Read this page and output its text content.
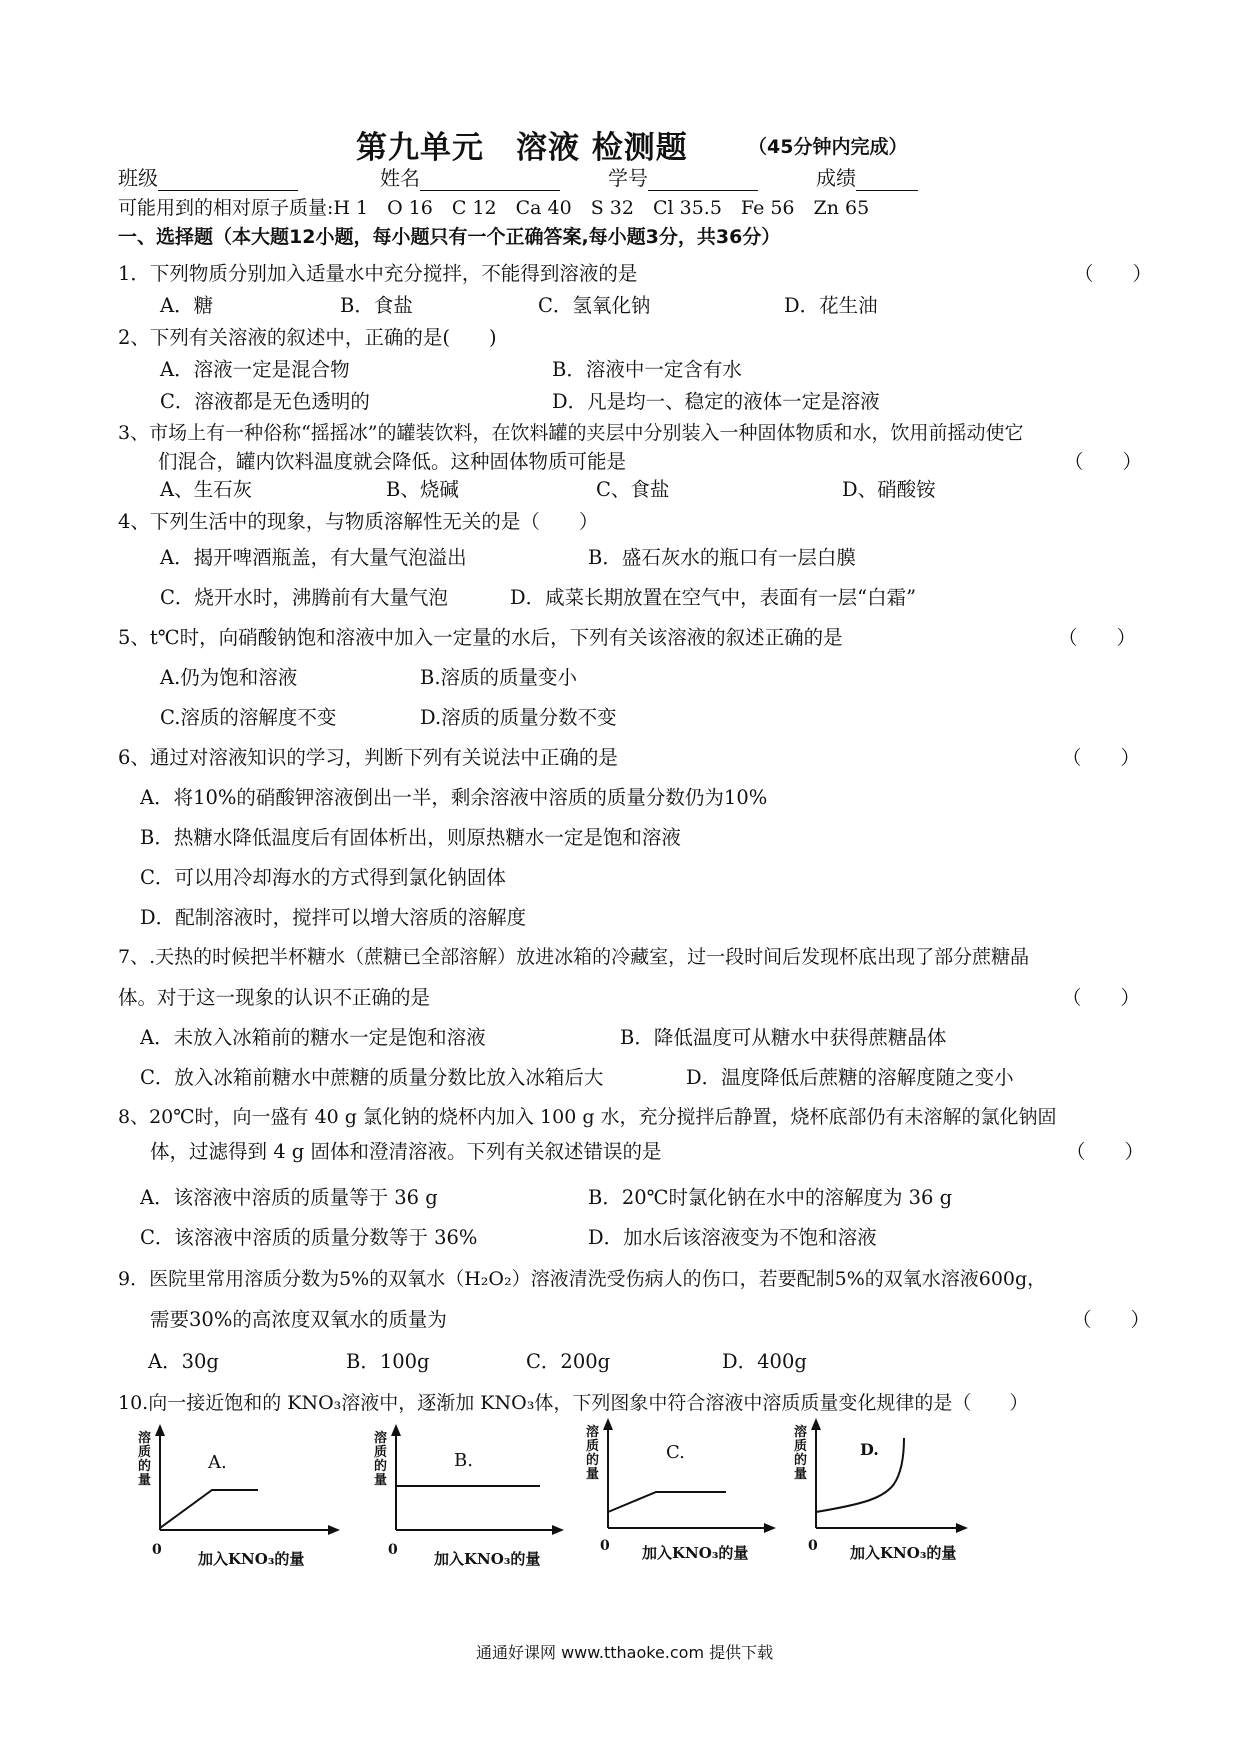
第九单元　溶液 检测题	（45分钟内完成）
班级	姓名	学号	成绩
可能用到的相对原子质量:H 1　O 16　C 12　Ca 40　S 32　Cl 35.5　Fe 56　Zn 65
一、选择题（本大题12小题，每小题只有一个正确答案,每小题3分，共36分）
1．下列物质分别加入适量水中充分搅拌，不能得到溶液的是	（　　）
A．糖	B．食盐	C．氢氧化钠	D．花生油
2、下列有关溶液的叙述中，正确的是(　　)
A．溶液一定是混合物	B．溶液中一定含有水
C．溶液都是无色透明的	D．凡是均一、稳定的液体一定是溶液
3、市场上有一种俗称“摇摇冰”的罐装饮料，在饮料罐的夹层中分别装入一种固体物质和水，饮用前摇动使它
们混合，罐内饮料温度就会降低。这种固体物质可能是	（　　）
A、生石灰	B、烧碱	C、食盐	D、硝酸铵
4、下列生活中的现象，与物质溶解性无关的是（　　）
A．揭开啤酒瓶盖，有大量气泡溢出	B．盛石灰水的瓶口有一层白膜
C．烧开水时，沸腾前有大量气泡	D．咸菜长期放置在空气中，表面有一层“白霜”
5、t℃时，向硝酸钠饱和溶液中加入一定量的水后，下列有关该溶液的叙述正确的是	（　　）
A.仍为饱和溶液	B.溶质的质量变小
C.溶质的溶解度不变	D.溶质的质量分数不变
6、通过对溶液知识的学习，判断下列有关说法中正确的是	（　　）
A．将10%的硝酸钾溶液倒出一半，剩余溶液中溶质的质量分数仍为10%
B．热糖水降低温度后有固体析出，则原热糖水一定是饱和溶液
C．可以用冷却海水的方式得到氯化钠固体
D．配制溶液时，搅拌可以增大溶质的溶解度
7、.天热的时候把半杯糖水（蔗糖已全部溶解）放进冰箱的冷藏室，过一段时间后发现杯底出现了部分蔗糖晶
体。对于这一现象的认识不正确的是	（　　）
A．未放入冰箱前的糖水一定是饱和溶液	B．降低温度可从糖水中获得蔗糖晶体
C．放入冰箱前糖水中蔗糖的质量分数比放入冰箱后大	D．温度降低后蔗糖的溶解度随之变小
8、20℃时，向一盛有 40 g 氯化钠的烧杯内加入 100 g 水，充分搅拌后静置，烧杯底部仍有未溶解的氯化钠固
体，过滤得到 4 g 固体和澄清溶液。下列有关叙述错误的是	（　　）
A．该溶液中溶质的质量等于 36 g	B．20℃时氯化钠在水中的溶解度为 36 g
C．该溶液中溶质的质量分数等于 36%	D．加水后该溶液变为不饱和溶液
9．医院里常用溶质分数为5%的双氧水（H₂O₂）溶液清洗受伤病人的伤口，若要配制5%的双氧水溶液600g，
需要30%的高浓度双氧水的质量为	（　　）
A．30g	B．100g	C．200g	D．400g
10.向一接近饱和的 KNO₃溶液中，逐渐加 KNO₃体，下列图象中符合溶液中溶质质量变化规律的是（　　）
溶
质
的
量
A.
0 加入KNO₃的量
溶
质
的
量
B.
0 加入KNO₃的量
溶
质
的
量
C.
0 加入KNO₃的量
溶
质
的
量
D.
0 加入KNO₃的量
通通好课网 www.tthaoke.com 提供下载
